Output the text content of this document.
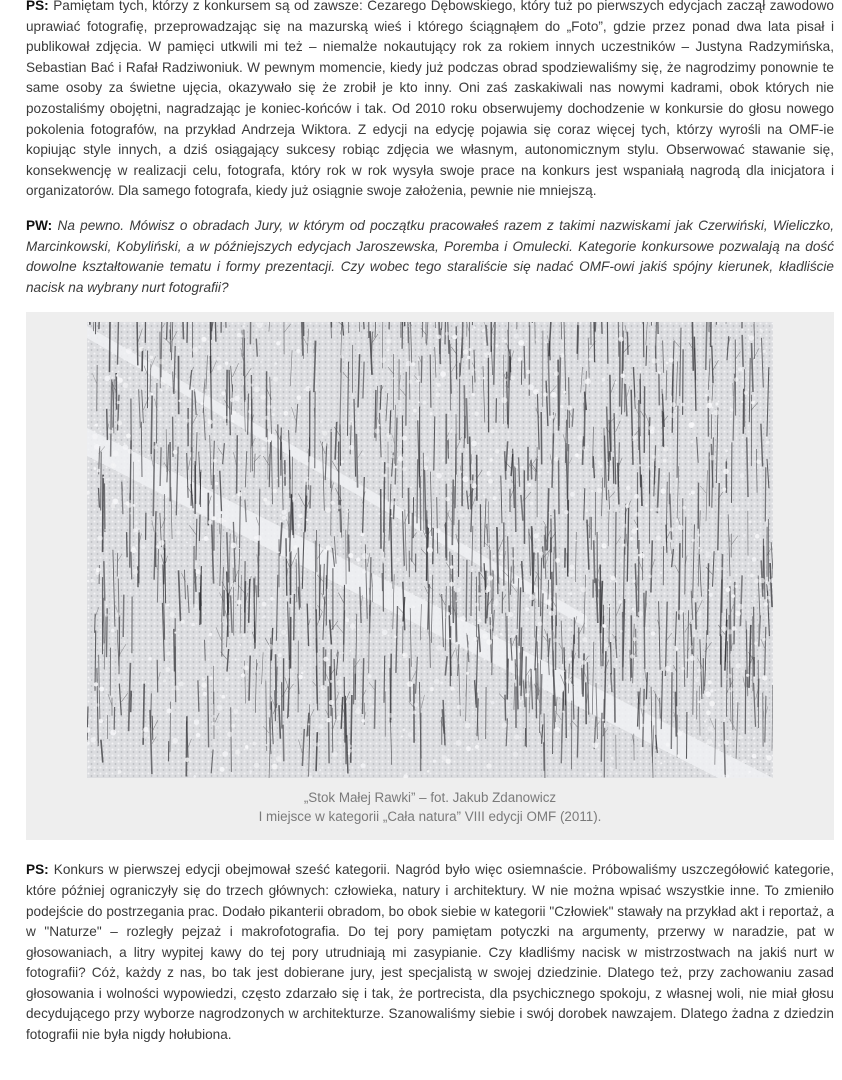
PS: Pamiętam tych, którzy z konkursem są od zawsze: Cezarego Dębowskiego, który tuż po pierwszych edycjach zaczął zawodowo uprawiać fotografię, przeprowadzając się na mazurską wieś i którego ściągnąłem do „Foto”, gdzie przez ponad dwa lata pisał i publikował zdjęcia. W pamięci utkwili mi też – niemalże nokautujący rok za rokiem innych uczestników – Justyna Radzymińska, Sebastian Bać i Rafał Radziwoniuk. W pewnym momencie, kiedy już podczas obrad spodziewaliśmy się, że nagrodzimy ponownie te same osoby za świetne ujęcia, okazywało się że zrobił je kto inny. Oni zaś zaskakiwali nas nowymi kadrami, obok których nie pozostaliśmy obojętni, nagradzając je koniec-końców i tak. Od 2010 roku obserwujemy dochodzenie w konkursie do głosu nowego pokolenia fotografów, na przykład Andrzeja Wiktora. Z edycji na edycję pojawia się coraz więcej tych, którzy wyrośli na OMF-ie kopiując style innych, a dziś osiągający sukcesy robiąc zdjęcia we własnym, autonomicznym stylu. Obserwować stawanie się, konsekwencję w realizacji celu, fotografa, który rok w rok wysyła swoje prace na konkurs jest wspaniałą nagrodą dla inicjatora i organizatorów. Dla samego fotografa, kiedy już osiągnie swoje założenia, pewnie nie mniejszą.

PW: Na pewno. Mówisz o obradach Jury, w którym od początku pracowałeś razem z takimi nazwiskami jak Czerwiński, Wieliczko, Marcinkowski, Kobyliński, a w późniejszych edycjach Jaroszewska, Poremba i Omulecki. Kategorie konkursowe pozwalają na dość dowolne kształtowanie tematu i formy prezentacji. Czy wobec tego staraliście się nadać OMF-owi jakiś spójny kierunek, kładliście nacisk na wybrany nurt fotografii?

„Stok Małej Rawki” – fot. Jakub Zdanowicz
I miejsce w kategorii „Cała natura” VIII edycji OMF (2011).

PS: Konkurs w pierwszej edycji obejmował sześć kategorii. Nagród było więc osiemnaście. Próbowaliśmy uszczegółowić kategorie, które później ograniczyły się do trzech głównych: człowieka, natury i architektury. W nie można wpisać wszystkie inne. To zmieniło podejście do postrzegania prac. Dodało pikanterii obradom, bo obok siebie w kategorii "Człowiek" stawały na przykład akt i reportaż, a w "Naturze" – rozległy pejzaż i makrofotografia. Do tej pory pamiętam potyczki na argumenty, przerwy w naradzie, pat w głosowaniach, a litry wypitej kawy do tej pory utrudniają mi zasypianie. Czy kładliśmy nacisk w mistrzostwach na jakiś nurt w fotografii? Cóż, każdy z nas, bo tak jest dobierane jury, jest specjalistą w swojej dziedzinie. Dlatego też, przy zachowaniu zasad głosowania i wolności wypowiedzi, często zdarzało się i tak, że portrecista, dla psychicznego spokoju, z własnej woli, nie miał głosu decydującego przy wyborze nagrodzonych w architekturze. Szanowaliśmy siebie i swój dorobek nawzajem. Dlatego żadna z dziedzin fotografii nie była nigdy hołubiona.
